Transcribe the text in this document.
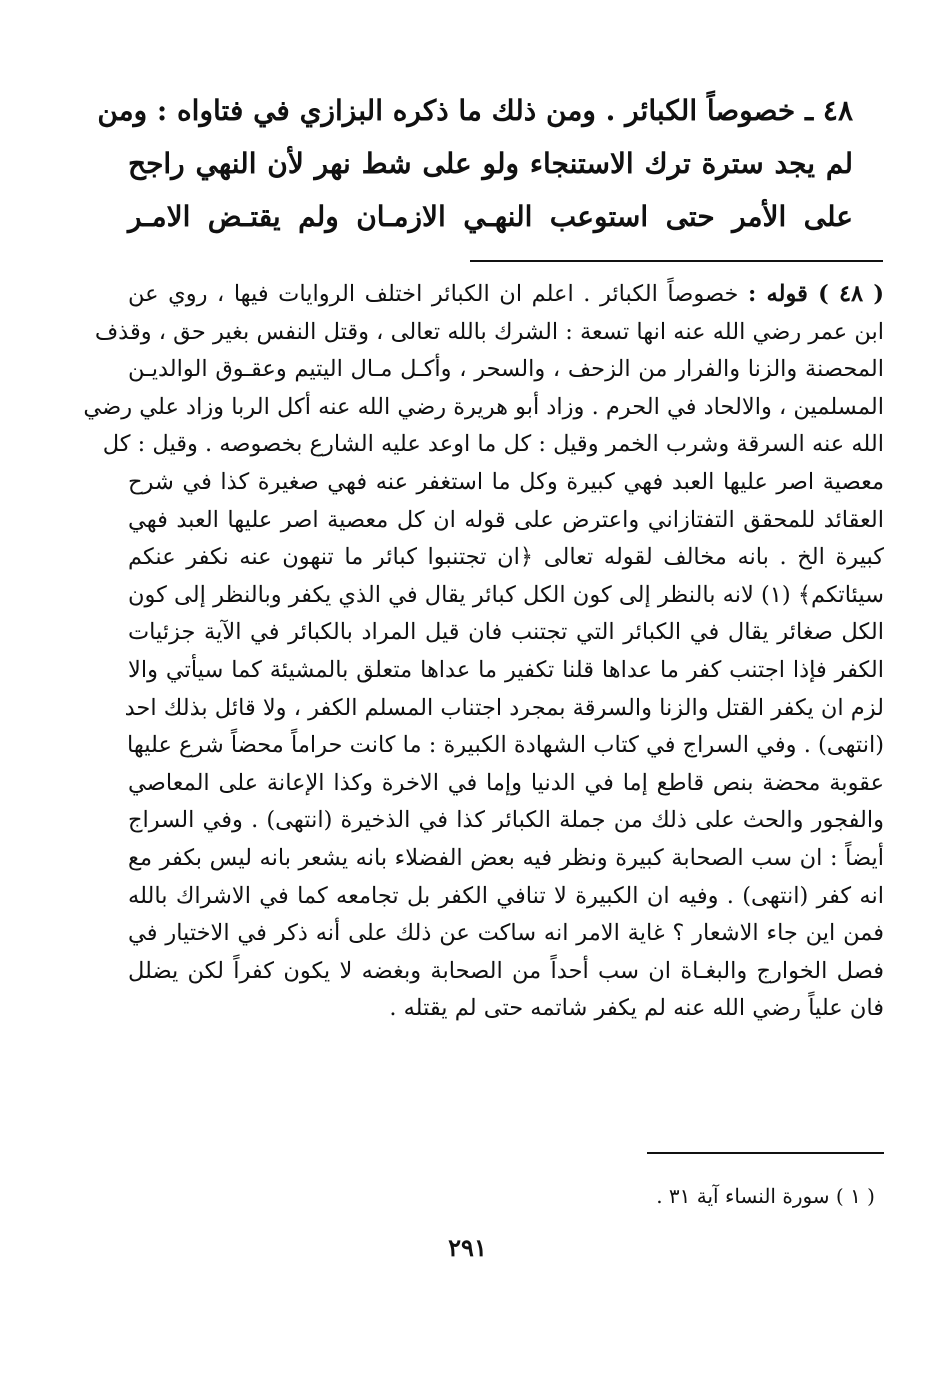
٤٨ ـ خصوصاً الكبائر . ومن ذلك ما ذكره البزازي في فتاواه : ومن
لم يجد سترة ترك الاستنجاء ولو على شط نهر لأن النهي راجح
على الأمر حتى استوعب النهـي الازمـان ولم يقتـض الامـر
( ٤٨ ) قوله : خصوصاً الكبائر . اعلم ان الكبائر اختلف الروايات فيها ، روي عن
ابن عمر رضي الله عنه انها تسعة : الشرك بالله تعالى ، وقتل النفس بغير حق ، وقذف
المحصنة والزنا والفرار من الزحف ، والسحر ، وأكـل مـال اليتيم وعقـوق الوالديـن
المسلمين ، والالحاد في الحرم . وزاد أبو هريرة رضي الله عنه أكل الربا وزاد علي رضي
الله عنه السرقة وشرب الخمر وقيل : كل ما اوعد عليه الشارع بخصوصه . وقيل : كل
معصية اصر عليها العبد فهي كبيرة وكل ما استغفر عنه فهي صغيرة كذا في شرح
العقائد للمحقق التفتازاني واعترض على قوله ان كل معصية اصر عليها العبد فهي
كبيرة الخ . بانه مخالف لقوله تعالى ﴿ان تجتنبوا كبائر ما تنهون عنه نكفر عنكم
سيئاتكم﴾ (١) لانه بالنظر إلى كون الكل كبائر يقال في الذي يكفر وبالنظر إلى كون
الكل صغائر يقال في الكبائر التي تجتنب فان قيل المراد بالكبائر في الآية جزئيات
الكفر فإذا اجتنب كفر ما عداها قلنا تكفير ما عداها متعلق بالمشيئة كما سيأتي والا
لزم ان يكفر القتل والزنا والسرقة بمجرد اجتناب المسلم الكفر ، ولا قائل بذلك احد
(انتهى) . وفي السراج في كتاب الشهادة الكبيرة : ما كانت حراماً محضاً شرع عليها
عقوبة محضة بنص قاطع إما في الدنيا وإما في الاخرة وكذا الإعانة على المعاصي
والفجور والحث على ذلك من جملة الكبائر كذا في الذخيرة (انتهى) . وفي السراج
أيضاً : ان سب الصحابة كبيرة ونظر فيه بعض الفضلاء بانه يشعر بانه ليس بكفر مع
انه كفر (انتهى) . وفيه ان الكبيرة لا تنافي الكفر بل تجامعه كما في الاشراك بالله
فمن اين جاء الاشعار ؟ غاية الامر انه ساكت عن ذلك على أنه ذكر في الاختيار في
فصل الخوارج والبغـاة ان سب أحداً من الصحابة وبغضه لا يكون كفراً لكن يضلل
فان علياً رضي الله عنه لم يكفر شاتمه حتى لم يقتله .
( ١ ) سورة النساء آية ٣١ .
٢٩١
